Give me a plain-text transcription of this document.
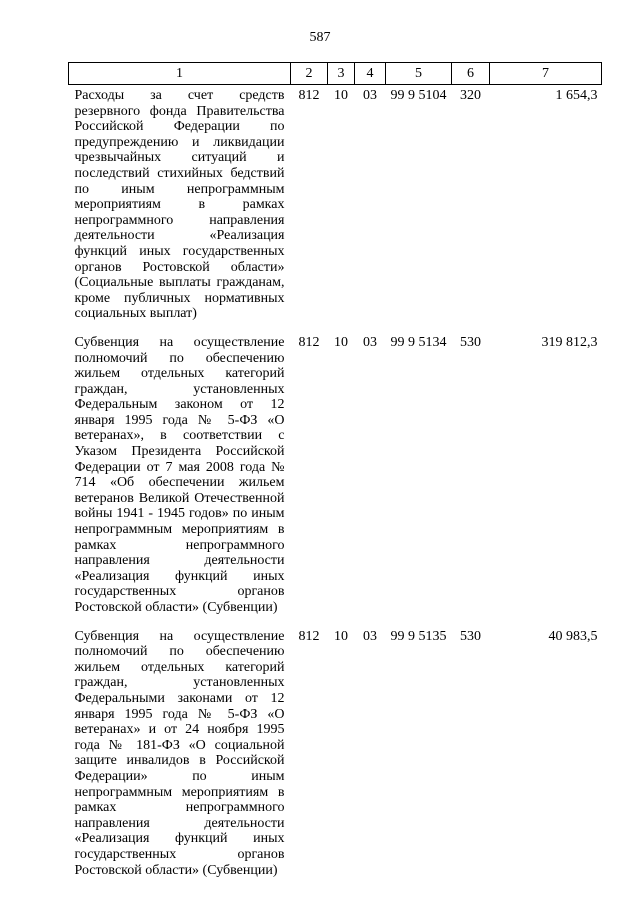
587
1	2	3	4	5	6	7
Расходы за счет средств резервного фонда Правительства Российской Федерации по предупреждению и ликвидации чрезвычайных ситуаций и последствий стихийных бедствий по иным непрограммным мероприятиям в рамках непрограммного направления деятельности «Реализация функций иных государственных органов Ростовской области» (Социальные выплаты гражданам, кроме публичных нормативных социальных выплат)	812	10	03	99 9 5104	320	1 654,3
Субвенция на осуществление полномочий по обеспечению жильем отдельных категорий граждан, установленных Федеральным законом от 12 января 1995 года № 5-ФЗ «О ветеранах», в соответствии с Указом Президента Российской Федерации от 7 мая 2008 года № 714 «Об обеспечении жильем ветеранов Великой Отечественной войны 1941 - 1945 годов» по иным непрограммным мероприятиям в рамках непрограммного направления деятельности «Реализация функций иных государственных органов Ростовской области» (Субвенции)	812	10	03	99 9 5134	530	319 812,3
Субвенция на осуществление полномочий по обеспечению жильем отдельных категорий граждан, установленных Федеральными законами от 12 января 1995 года № 5-ФЗ «О ветеранах» и от 24 ноября 1995 года № 181-ФЗ «О социальной защите инвалидов в Российской Федерации» по иным непрограммным мероприятиям в рамках непрограммного направления деятельности «Реализация функций иных государственных органов Ростовской области» (Субвенции)	812	10	03	99 9 5135	530	40 983,5
